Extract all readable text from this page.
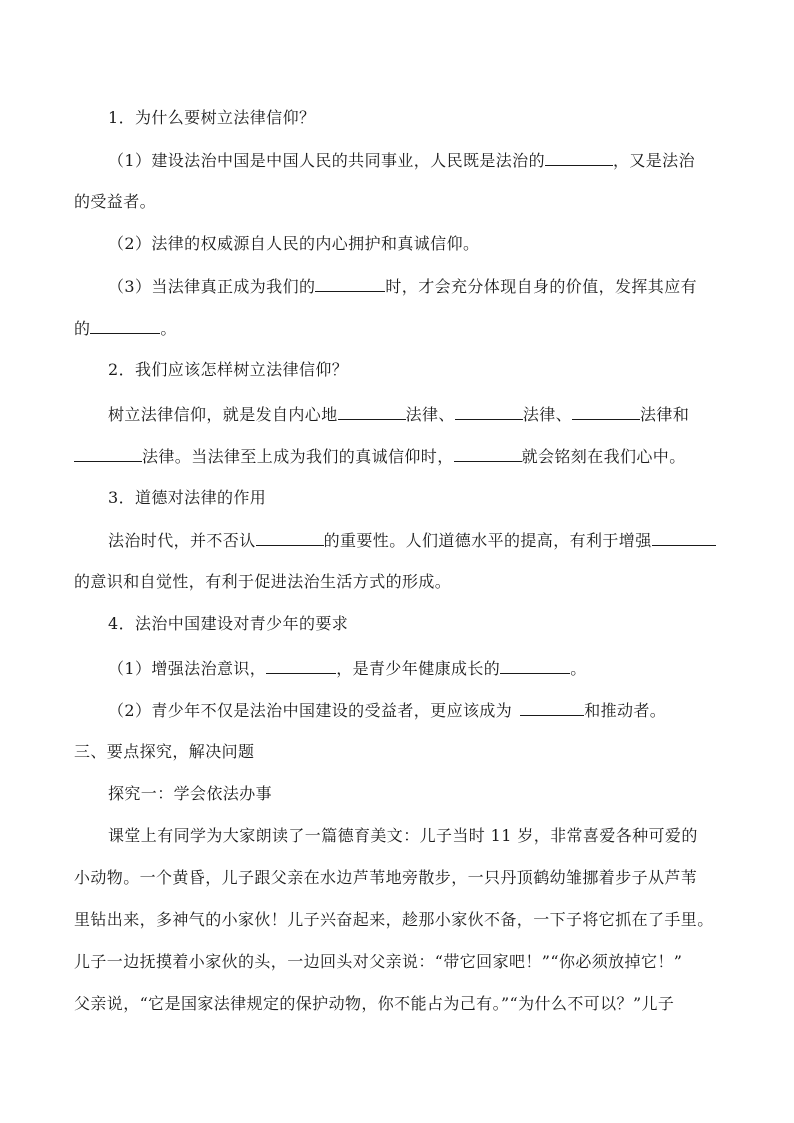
1．为什么要树立法律信仰？
（1）建设法治中国是中国人民的共同事业，人民既是法治的	，又是法治
的受益者。
（2）法律的权威源自人民的内心拥护和真诚信仰。
（3）当法律真正成为我们的	时，才会充分体现自身的价值，发挥其应有
的	。
2．我们应该怎样树立法律信仰？
树立法律信仰，就是发自内心地	法律、	法律、	法律和
法律。当法律至上成为我们的真诚信仰时，	就会铭刻在我们心中。
3．道德对法律的作用
法治时代，并不否认	的重要性。人们道德水平的提高，有利于增强
的意识和自觉性，有利于促进法治生活方式的形成。
4．法治中国建设对青少年的要求
（1）增强法治意识，	，是青少年健康成长的	。
（2）青少年不仅是法治中国建设的受益者，更应该成为	和推动者。
三、要点探究，解决问题
探究一：学会依法办事
课堂上有同学为大家朗读了一篇德育美文：儿子当时 11 岁，非常喜爱各种可爱的
小动物。一个黄昏，儿子跟父亲在水边芦苇地旁散步，一只丹顶鹤幼雏挪着步子从芦苇
里钻出来，多神气的小家伙！儿子兴奋起来，趁那小家伙不备，一下子将它抓在了手里。
儿子一边抚摸着小家伙的头，一边回头对父亲说：“带它回家吧！”“你必须放掉它！”
父亲说，“它是国家法律规定的保护动物，你不能占为己有。”“为什么不可以？”儿子
